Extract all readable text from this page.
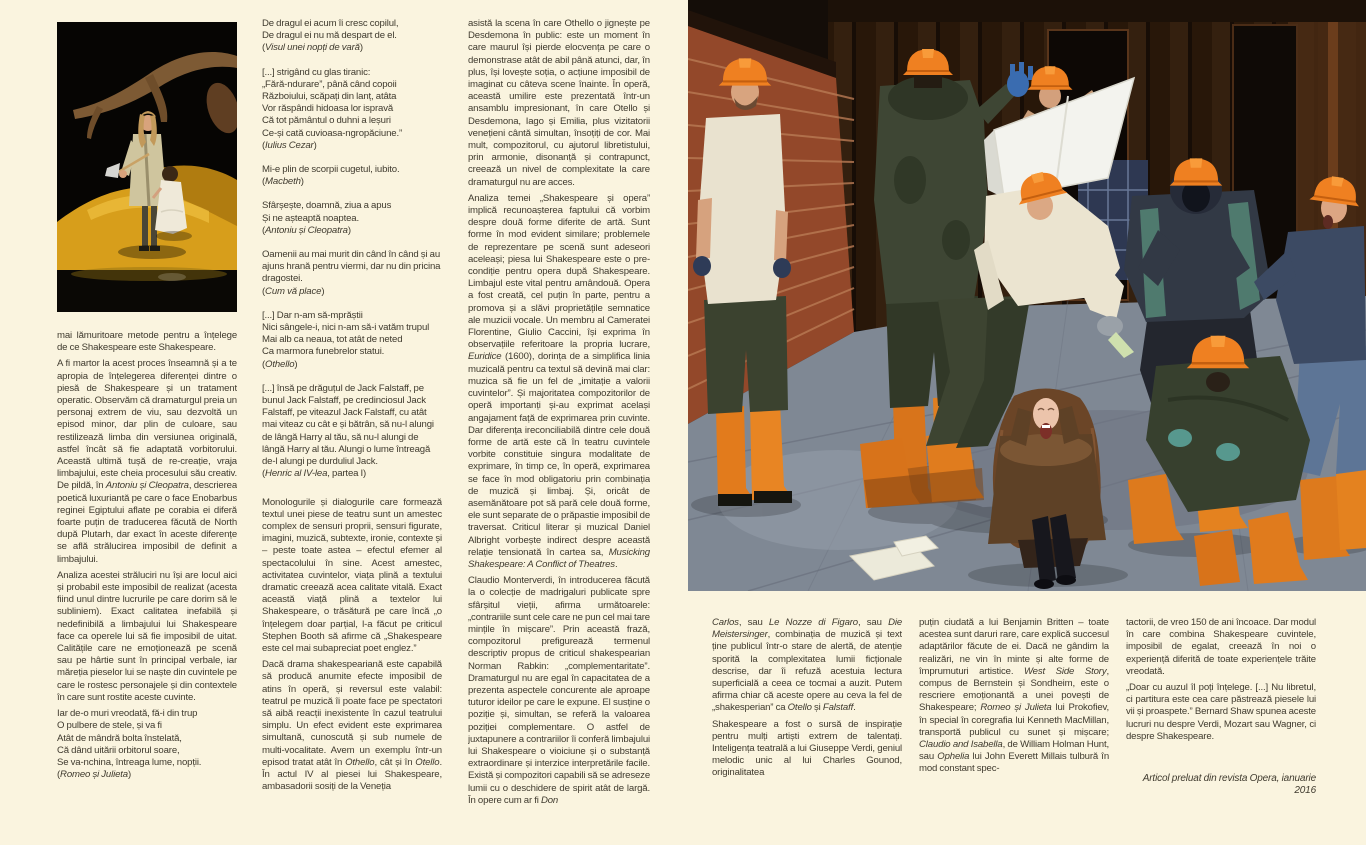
mai lămuritoare metode pentru a înțelege de ce Shakespeare este Shakespeare.

A fi martor la acest proces înseamnă și a te apropia de înțelegerea diferenței dintre o piesă de Shakespeare și un tratament operatic. Observăm că dramaturgul preia un personaj extrem de viu, sau dezvoltă un episod minor, dar plin de culoare, sau restilizează limba din versiunea originală, astfel încât să fie adaptată vorbitorului. Această ultimă tușă de re-creație, vraja limbajului, este cheia procesului său creativ. De pildă, în Antoniu și Cleopatra, descrierea poetică luxuriantă pe care o face Enobarbus reginei Egiptului aflate pe corabia ei diferă foarte puțin de traducerea făcută de North după Plutarh, dar exact în aceste diferențe se află strălucirea imposibil de definit a limbajului.

Analiza acestei străluciri nu își are locul aici și probabil este imposibil de realizat (acesta fiind unul dintre lucrurile pe care dorim să le subliniem). Exact calitatea inefabilă și nedefinibilă a limbajului lui Shakespeare face ca operele lui să fie imposibil de uitat. Calitățile care ne emoționează pe scenă sau pe hârtie sunt în principal verbale, iar măreția pieselor lui se naște din cuvintele pe care le rostesc personajele și din contextele în care sunt rostite aceste cuvinte.

Iar de-o muri vreodată, fă-i din trup
O pulbere de stele, și va fi
Atât de mândră bolta înstelată,
Că dând uitării orbitorul soare,
Se va-nchina, întreaga lume, nopții.
(Romeo și Julieta)

De dragul ei acum îi cresc copilul,
De dragul ei nu mă despart de el.
(Visul unei nopți de vară)

[...] strigând cu glas tiranic:
„Fără-ndurare”, până când copoii
Războiului, scăpați din lanț, atâta
Vor răspândi hidoasa lor ispravă
Că tot pământul o duhni a leșuri
Ce-și cată cuvioasa-ngropăciune.”
(Iulius Cezar)

Mi-e plin de scorpii cugetul, iubito.
(Macbeth)

Sfârșește, doamnă, ziua a apus
Și ne așteaptă noaptea.
(Antoniu și Cleopatra)

Oamenii au mai murit din când în când și au ajuns hrană pentru viermi, dar nu din pricina dragostei.
(Cum vă place)

[...] Dar n-am să-mprăștii
Nici sângele-i, nici n-am să-i vatăm trupul
Mai alb ca neaua, tot atât de neted
Ca marmora funebrelor statui.
(Othello)

[...] însă pe drăguțul de Jack Falstaff, pe bunul Jack Falstaff, pe credinciosul Jack Falstaff, pe viteazul Jack Falstaff, cu atât mai viteaz cu cât e și bătrân, să nu-l alungi de lângă Harry al tău, să nu-l alungi de lângă Harry al tău. Alungi o lume întreagă de-l alungi pe durduliul Jack.
(Henric al IV-lea, partea I)

Monologurile și dialogurile care formează textul unei piese de teatru sunt un amestec complex de sensuri proprii, sensuri figurate, imagini, muzică, subtexte, ironie, contexte și – peste toate astea – efectul efemer al spectacolului în sine. Acest amestec, activitatea cuvintelor, viața plină a textului dramatic creează acea calitate vitală. Exact această viață plină a textelor lui Shakespeare, o trăsătură pe care încă „o înțelegem doar parțial, l-a făcut pe criticul Stephen Booth să afirme că „Shakespeare este cel mai subapreciat poet englez.”

Dacă drama shakespeariană este capabilă să producă anumite efecte imposibil de atins în operă, și reversul este valabil: teatrul pe muzică îi poate face pe spectatori să aibă reacții inexistente în cazul teatrului simplu. Un efect evident este exprimarea simultană, cunoscută și sub numele de multi-vocalitate. Avem un exemplu într-un episod tratat atât în Othello, cât și în Otello. În actul IV al piesei lui Shakespeare, ambasadorii sosiți de la Veneția

asistă la scena în care Othello o jignește pe Desdemona în public: este un moment în care maurul își pierde elocvența pe care o demonstrase atât de abil până atunci, dar, în plus, își lovește soția, o acțiune imposibil de imaginat cu câteva scene înainte. În operă, această umilire este prezentată într-un ansamblu impresionant, în care Otello și Desdemona, Iago și Emilia, plus vizitatorii venețieni cântă simultan, însoțiți de cor. Mai mult, compozitorul, cu ajutorul libretistului, prin armonie, disonanță și contrapunct, creează un nivel de complexitate la care dramaturgul nu are acces.

Analiza temei „Shakespeare și opera” implică recunoașterea faptului că vorbim despre două forme diferite de artă. Sunt forme în mod evident similare; problemele de reprezentare pe scenă sunt adeseori aceleași; piesa lui Shakespeare este o pre-condiție pentru opera după Shakespeare. Limbajul este vital pentru amândouă. Opera a fost creată, cel puțin în parte, pentru a promova și a slăvi proprietățile semnatice ale muzicii vocale. Un membru al Cameratei Florentine, Giulio Caccini, își exprima în observațiile referitoare la propria lucrare, Euridice (1600), dorința de a simplifica linia muzicală pentru ca textul să devină mai clar: muzica să fie un fel de „imitație a valorii cuvintelor”. Și majoritatea compozitorilor de operă importanți și-au exprimat același angajament față de exprimarea prin cuvinte. Dar diferența ireconciliabilă dintre cele două forme de artă este că în teatru cuvintele vorbite constituie singura modalitate de exprimare, în timp ce, în operă, exprimarea se face în mod obligatoriu prin combinația de muzică și limbaj. Și, oricât de asemănătoare pot să pară cele două forme, ele sunt separate de o prăpastie imposibil de traversat. Criticul literar și muzical Daniel Albright vorbește indirect despre această relație tensionată în cartea sa, Musicking Shakespeare: A Conflict of Theatres.

Claudio Monterverdi, în introducerea făcută la o colecție de madrigaluri publicate spre sfârșitul vieții, afirma următoarele: „contrariile sunt cele care ne pun cel mai tare mințile în mișcare”. Prin această frază, compozitorul prefigurează termenul descriptiv propus de criticul shakespearian Norman Rabkin: „complementaritate”. Dramaturgul nu are egal în capacitatea de a prezenta aspectele concurente ale aproape tuturor ideilor pe care le expune. El susține o poziție și, simultan, se referă la valoarea poziției complementare. O astfel de juxtapunere a contrariilor îi conferă limbajului lui Shakespeare o vioiciune și o substanță extraordinare și interzice interpretările facile. Există și compozitori capabili să se adreseze lumii cu o deschidere de spirit atât de largă. În opere cum ar fi Don

Carlos, sau Le Nozze di Figaro, sau Die Meistersinger, combinația de muzică și text ține publicul într-o stare de alertă, de atenție sporită la complexitatea lumii ficționale descrise, dar îi refuză acestuia lectura superficială a ceea ce tocmai a auzit. Putem afirma chiar că aceste opere au ceva la fel de „shakesperian” ca Otello și Falstaff.

Shakespeare a fost o sursă de inspirație pentru mulți artiști extrem de talentați. Inteligența teatrală a lui Giuseppe Verdi, geniul melodic unic al lui Charles Gounod, originalitatea

puțin ciudată a lui Benjamin Britten – toate acestea sunt daruri rare, care explică succesul adaptărilor făcute de ei. Dacă ne gândim la realizări, ne vin în minte și alte forme de împrumuturi artistice. West Side Story, compus de Bernstein și Sondheim, este o rescriere emoționantă a unei povești de Shakespeare; Romeo și Julieta lui Prokofiev, în special în coregrafia lui Kenneth MacMillan, transportă publicul cu sunet și mișcare; Claudio and Isabella, de William Holman Hunt, sau Ophelia lui John Everett Millais tulbură în mod constant spec-

tactorii, de vreo 150 de ani încoace. Dar modul în care combina Shakespeare cuvintele, imposibil de egalat, creează în noi o experiență diferită de toate experiențele trăite vreodată.

„Doar cu auzul îl poți înțelege. [...] Nu libretul, ci partitura este cea care păstrează piesele lui vii și proaspete.” Bernard Shaw spunea aceste lucruri nu despre Verdi, Mozart sau Wagner, ci despre Shakespeare.

Articol preluat din revista Opera, ianuarie 2016
